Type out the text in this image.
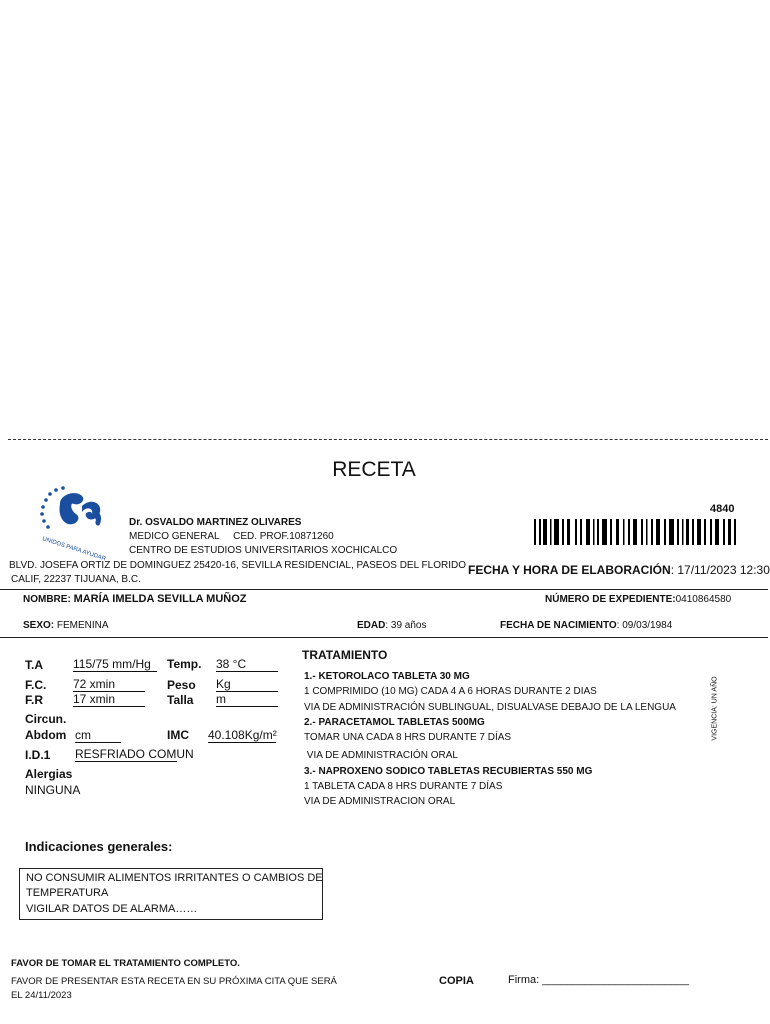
RECETA
UNIDOS PARA AYUDAR
Dr. OSVALDO MARTINEZ OLIVARES
MEDICO GENERAL     CED. PROF.10871260
CENTRO DE ESTUDIOS UNIVERSITARIOS XOCHICALCO
BLVD. JOSEFA ORTIZ DE DOMINGUEZ 25420-16, SEVILLA RESIDENCIAL, PASEOS DEL FLORIDO
CALIF, 22237 TIJUANA, B.C.
4840
FECHA Y HORA DE ELABORACIÓN: 17/11/2023 12:30
NOMBRE: MARÍA IMELDA SEVILLA MUÑOZ	NÚMERO DE EXPEDIENTE:0410864580
SEXO: FEMENINA	EDAD: 39 años	FECHA DE NACIMIENTO: 09/03/1984
T.A	115/75 mm/Hg	Temp. 38 °C
F.C. 72 xmin	Peso Kg
F.R	17 xmin	Talla m
Circun.
Abdom cm	IMC 40.108Kg/m²
I.D.1 RESFRIADO COMUN
Alergias
NINGUNA
TRATAMIENTO
1.- KETOROLACO TABLETA 30 MG
1 COMPRIMIDO (10 MG) CADA 4 A 6 HORAS DURANTE 2 DIAS
VIA DE ADMINISTRACIÓN SUBLINGUAL, DISUALVASE DEBAJO DE LA LENGUA
2.- PARACETAMOL TABLETAS 500MG
TOMAR UNA CADA 8 HRS DURANTE 7 DÍAS
VIA DE ADMINISTRACIÓN ORAL
3.- NAPROXENO SODICO TABLETAS RECUBIERTAS 550 MG
1 TABLETA CADA 8 HRS DURANTE 7 DÍAS
VIA DE ADMINISTRACION ORAL
VIGENCIA: UN AÑO
Indicaciones generales:
NO CONSUMIR ALIMENTOS IRRITANTES O CAMBIOS DE
TEMPERATURA
VIGILAR DATOS DE ALARMA……
FAVOR DE TOMAR EL TRATAMIENTO COMPLETO.
FAVOR DE PRESENTAR ESTA RECETA EN SU PRÓXIMA CITA QUE SERÁ
EL 24/11/2023
COPIA	Firma: ________________________
